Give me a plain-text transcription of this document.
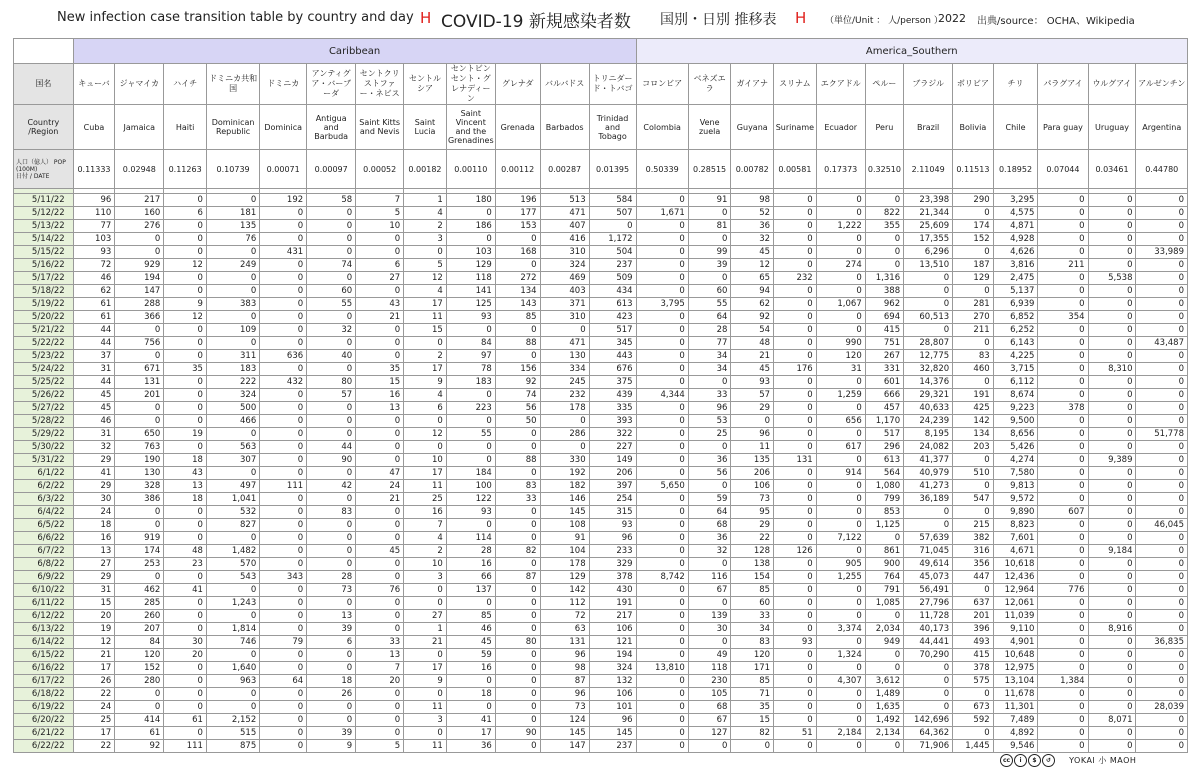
New infection case transition table by country and day H COVID-19 新規感染者数 国別・日別 推移表 H （単位/Unit ： 人/person ）
2022 出典/source： OCHA、Wikipedia
	Caribbean												America_Southern											
国名	キューバ	ジャマイカ	ハイチ	ドミニカ共和国	ドミニカ	アンティグア・バーブーダ	セントクリストファー・ネビス	セントルシア	セントビンセント・グレナディーン	グレナダ	バルバドス	トリニダード・トバゴ	コロンビア	ベネズエラ	ガイアナ	スリナム	エクアドル	ペルー	ブラジル	ボリビア	チリ	パラグアイ	ウルグアイ	アルゼンチン
Country /Region	Cuba	Jamaica	Haiti	Dominican Republic	Dominica	Antigua and Barbuda	Saint Kitts and Nevis	Saint Lucia	Saint Vincent and the Grenadines	Grenada	Barbados	Trinidad and Tobago	Colombia	Vene zuela	Guyana	Suriname	Ecuador	Peru	Brazil	Bolivia	Chile	Para guay	Uruguay	Argentina

人口（億人） POP (100M)
日付 / DATE	0.11333	0.02948	0.11263	0.10739	0.00071	0.00097	0.00052	0.00182	0.00110	0.00112	0.00287	0.01395	0.50339	0.28515	0.00782	0.00581	0.17373	0.32510	2.11049	0.11513	0.18952	0.07044	0.03461	0.44780

5/11/22	96	217	0	0	192	58	7	1	180	196	513	584	0	91	98	0	0	0	23,398	290	3,295	0	0	0
5/12/22	110	160	6	181	0	0	5	4	0	177	471	507	1,671	0	52	0	0	822	21,344	0	4,575	0	0	0
5/13/22	77	276	0	135	0	0	10	2	186	153	407	0	0	81	36	0	1,222	355	25,609	174	4,871	0	0	0
5/14/22	103	0	0	76	0	0	0	3	0	0	416	1,172	0	0	32	0	0	0	17,355	152	4,928	0	0	0
5/15/22	93	0	0	0	431	0	0	0	103	168	310	504	0	99	45	0	0	0	6,296	0	4,626	0	0	33,989
5/16/22	72	929	12	249	0	74	6	5	129	0	324	237	0	39	12	0	274	0	13,510	187	3,816	211	0	0
5/17/22	46	194	0	0	0	0	27	12	118	272	469	509	0	0	65	232	0	1,316	0	129	2,475	0	5,538	0
5/18/22	62	147	0	0	0	60	0	4	141	134	403	434	0	60	94	0	0	388	0	0	5,137	0	0	0
5/19/22	61	288	9	383	0	55	43	17	125	143	371	613	3,795	55	62	0	1,067	962	0	281	6,939	0	0	0
5/20/22	61	366	12	0	0	0	21	11	93	85	310	423	0	64	92	0	0	694	60,513	270	6,852	354	0	0
5/21/22	44	0	0	109	0	32	0	15	0	0	0	517	0	28	54	0	0	415	0	211	6,252	0	0	0
5/22/22	44	756	0	0	0	0	0	0	84	88	471	345	0	77	48	0	990	751	28,807	0	6,143	0	0	43,487
5/23/22	37	0	0	311	636	40	0	2	97	0	130	443	0	34	21	0	120	267	12,775	83	4,225	0	0	0
5/24/22	31	671	35	183	0	0	35	17	78	156	334	676	0	34	45	176	31	331	32,820	460	3,715	0	8,310	0
5/25/22	44	131	0	222	432	80	15	9	183	92	245	375	0	0	93	0	0	601	14,376	0	6,112	0	0	0
5/26/22	45	201	0	324	0	57	16	4	0	74	232	439	4,344	33	57	0	1,259	666	29,321	191	8,674	0	0	0
5/27/22	45	0	0	500	0	0	13	6	223	56	178	335	0	96	29	0	0	457	40,633	425	9,223	378	0	0
5/28/22	46	0	0	466	0	0	0	0	0	50	0	393	0	53	0	0	656	1,170	24,239	142	9,500	0	0	0
5/29/22	31	650	19	0	0	0	0	12	55	0	286	322	0	25	96	0	0	517	8,195	134	8,656	0	0	51,778
5/30/22	32	763	0	563	0	44	0	0	0	0	0	227	0	0	11	0	617	296	24,082	203	5,426	0	0	0
5/31/22	29	190	18	307	0	90	0	10	0	88	330	149	0	36	135	131	0	613	41,377	0	4,274	0	9,389	0
6/1/22	41	130	43	0	0	0	47	17	184	0	192	206	0	56	206	0	914	564	40,979	510	7,580	0	0	0
6/2/22	29	328	13	497	111	42	24	11	100	83	182	397	5,650	0	106	0	0	1,080	41,273	0	9,813	0	0	0
6/3/22	30	386	18	1,041	0	0	21	25	122	33	146	254	0	59	73	0	0	799	36,189	547	9,572	0	0	0
6/4/22	24	0	0	532	0	83	0	16	93	0	145	315	0	64	95	0	0	853	0	0	9,890	607	0	0
6/5/22	18	0	0	827	0	0	0	7	0	0	108	93	0	68	29	0	0	1,125	0	215	8,823	0	0	46,045
6/6/22	16	919	0	0	0	0	0	4	114	0	91	96	0	36	22	0	7,122	0	57,639	382	7,601	0	0	0
6/7/22	13	174	48	1,482	0	0	45	2	28	82	104	233	0	32	128	126	0	861	71,045	316	4,671	0	9,184	0
6/8/22	27	253	23	570	0	0	0	10	16	0	178	329	0	0	138	0	905	900	49,614	356	10,618	0	0	0
6/9/22	29	0	0	543	343	28	0	3	66	87	129	378	8,742	116	154	0	1,255	764	45,073	447	12,436	0	0	0
6/10/22	31	462	41	0	0	73	76	0	137	0	142	430	0	67	85	0	0	791	56,491	0	12,964	776	0	0
6/11/22	15	285	0	1,243	0	0	0	0	0	0	112	191	0	0	60	0	0	1,085	27,796	637	12,061	0	0	0
6/12/22	20	260	0	0	0	13	0	27	85	0	72	217	0	139	33	0	0	0	11,728	201	11,039	0	0	0
6/13/22	19	207	0	1,814	0	39	0	1	46	0	63	106	0	30	34	0	3,374	2,034	40,173	396	9,110	0	8,916	0
6/14/22	12	84	30	746	79	6	33	21	45	80	131	121	0	0	83	93	0	949	44,441	493	4,901	0	0	36,835
6/15/22	21	120	20	0	0	0	13	0	59	0	96	194	0	49	120	0	1,324	0	70,290	415	10,648	0	0	0
6/16/22	17	152	0	1,640	0	0	7	17	16	0	98	324	13,810	118	171	0	0	0	0	378	12,975	0	0	0
6/17/22	26	280	0	963	64	18	20	9	0	0	87	132	0	230	85	0	4,307	3,612	0	575	13,104	1,384	0	0
6/18/22	22	0	0	0	0	26	0	0	18	0	96	106	0	105	71	0	0	1,489	0	0	11,678	0	0	0
6/19/22	24	0	0	0	0	0	0	11	0	0	73	101	0	68	35	0	0	1,635	0	673	11,301	0	0	28,039
6/20/22	25	414	61	2,152	0	0	0	3	41	0	124	96	0	67	15	0	0	1,492	142,696	592	7,489	0	8,071	0
6/21/22	17	61	0	515	0	39	0	0	17	90	145	145	0	127	82	51	2,184	2,134	64,362	0	4,892	0	0	0
6/22/22	22	92	111	875	0	9	5	11	36	0	147	237	0	0	0	0	0	0	71,906	1,445	9,546	0	0	0
cc i $ ↺ YOKAI 小 MAOH
